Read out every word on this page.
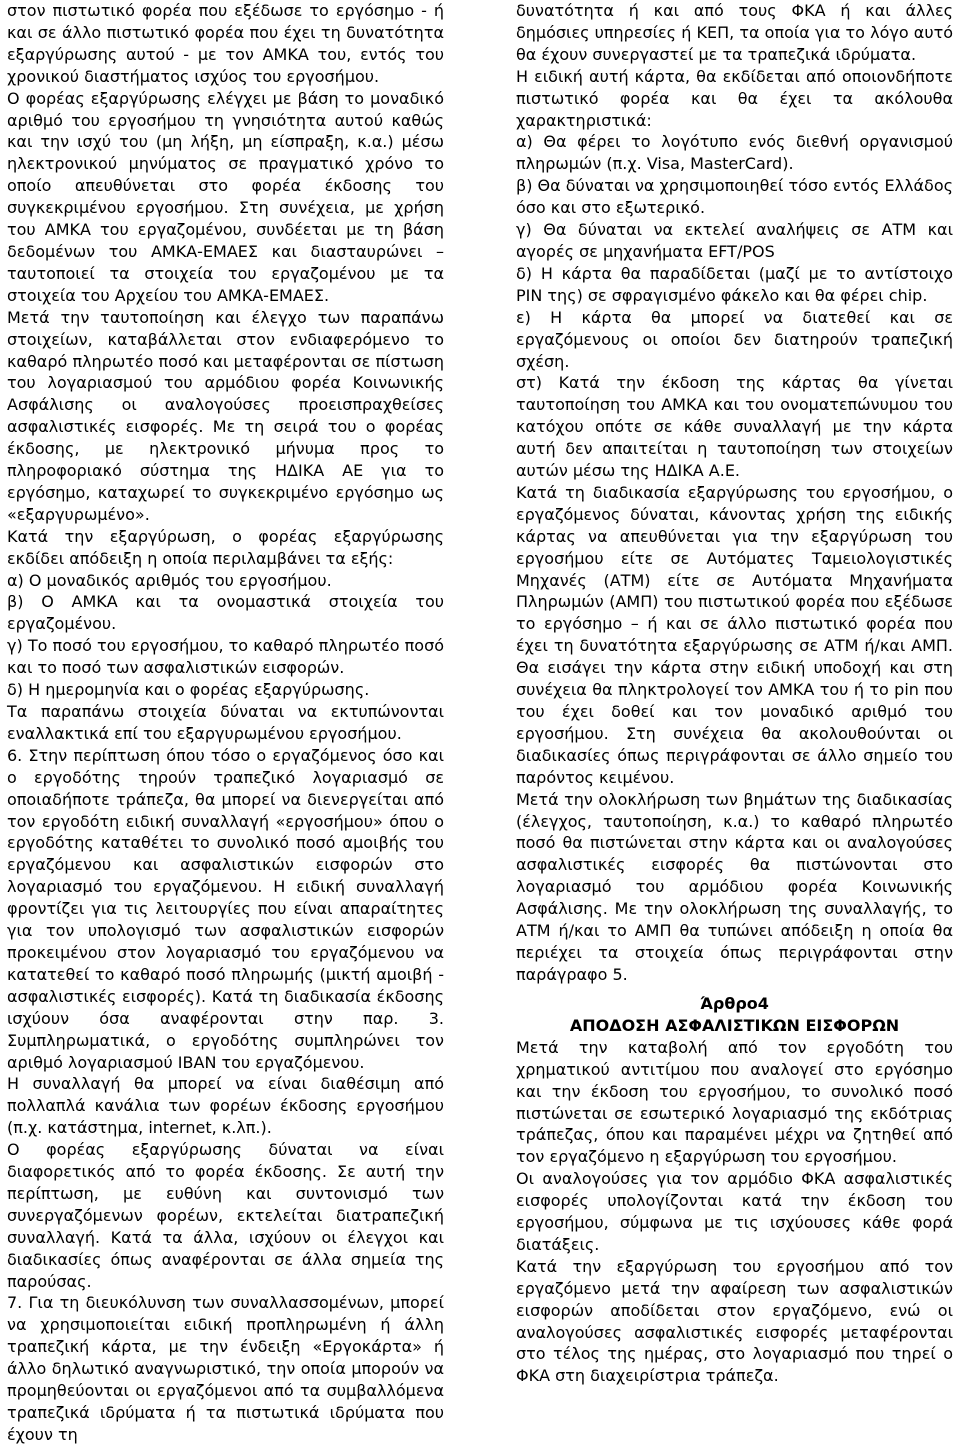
στον πιστωτικό φορέα που εξέδωσε το εργόσημο - ή και σε άλλο πιστωτικό φορέα που έχει τη δυνατότητα εξαργύρωσης αυτού - με τον ΑΜΚΑ του, εντός του χρονικού διαστήματος ισχύος του εργοσήμου.

Ο φορέας εξαργύρωσης ελέγχει με βάση το μοναδικό αριθμό του εργοσήμου τη γνησιότητα αυτού καθώς και την ισχύ του (μη λήξη, μη είσπραξη, κ.α.) μέσω ηλεκτρονικού μηνύματος σε πραγματικό χρόνο το οποίο απευθύνεται στο φορέα έκδοσης του συγκεκριμένου εργοσήμου. Στη συνέχεια, με χρήση του ΑΜΚΑ του εργαζομένου, συνδέεται με τη βάση δεδομένων του ΑΜΚΑ-ΕΜΑΕΣ και διασταυρώνει – ταυτοποιεί τα στοιχεία του εργαζομένου με τα στοιχεία του Αρχείου του ΑΜΚΑ-ΕΜΑΕΣ.

Μετά την ταυτοποίηση και έλεγχο των παραπάνω στοιχείων, καταβάλλεται στον ενδιαφερόμενο το καθαρό πληρωτέο ποσό και μεταφέρονται σε πίστωση του λογαριασμού του αρμόδιου φορέα Κοινωνικής Ασφάλισης οι αναλογούσες προεισπραχθείσες ασφαλιστικές εισφορές. Με τη σειρά του ο φορέας έκδοσης, με ηλεκτρονικό μήνυμα προς το πληροφοριακό σύστημα της ΗΔΙΚΑ ΑΕ για το εργόσημο, καταχωρεί το συγκεκριμένο εργόσημο ως «εξαργυρωμένο».

Κατά την εξαργύρωση, ο φορέας εξαργύρωσης εκδίδει απόδειξη η οποία περιλαμβάνει τα εξής:

α) Ο μοναδικός αριθμός του εργοσήμου.

β) Ο ΑΜΚΑ και τα ονομαστικά στοιχεία του εργαζομένου.

γ) Το ποσό του εργοσήμου, το καθαρό πληρωτέο ποσό και το ποσό των ασφαλιστικών εισφορών.

δ) Η ημερομηνία και ο φορέας εξαργύρωσης.

Τα παραπάνω στοιχεία δύναται να εκτυπώνονται εναλλακτικά επί του εξαργυρωμένου εργοσήμου.

6. Στην περίπτωση όπου τόσο ο εργαζόμενος όσο και ο εργοδότης τηρούν τραπεζικό λογαριασμό σε οποιαδήποτε τράπεζα, θα μπορεί να διενεργείται από τον εργοδότη ειδική συναλλαγή «εργοσήμου» όπου ο εργοδότης καταθέτει το συνολικό ποσό αμοιβής του εργαζόμενου και ασφαλιστικών εισφορών στο λογαριασμό του εργαζόμενου. Η ειδική συναλλαγή φροντίζει για τις λειτουργίες που είναι απαραίτητες για τον υπολογισμό των ασφαλιστικών εισφορών προκειμένου στον λογαριασμό του εργαζόμενου να κατατεθεί το καθαρό ποσό πληρωμής (μικτή αμοιβή - ασφαλιστικές εισφορές). Κατά τη διαδικασία έκδοσης ισχύουν όσα αναφέρονται στην παρ. 3. Συμπληρωματικά, ο εργοδότης συμπληρώνει τον αριθμό λογαριασμού IBAN του εργαζόμενου.

Η συναλλαγή θα μπορεί να είναι διαθέσιμη από πολλαπλά κανάλια των φορέων έκδοσης εργοσήμου (π.χ. κατάστημα, internet, κ.λπ.).

Ο φορέας εξαργύρωσης δύναται να είναι διαφορετικός από το φορέα έκδοσης. Σε αυτή την περίπτωση, με ευθύνη και συντονισμό των συνεργαζόμενων φορέων, εκτελείται διατραπεζική συναλλαγή. Κατά τα άλλα, ισχύουν οι έλεγχοι και διαδικασίες όπως αναφέρονται σε άλλα σημεία της παρούσας.

7. Για τη διευκόλυνση των συναλλασσομένων, μπορεί να χρησιμοποιείται ειδική προπληρωμένη ή άλλη τραπεζική κάρτα, με την ένδειξη «Εργοκάρτα» ή άλλο δηλωτικό αναγνωριστικό, την οποία μπορούν να προμηθεύονται οι εργαζόμενοι από τα συμβαλλόμενα τραπεζικά ιδρύματα ή τα πιστωτικά ιδρύματα που έχουν τη

δυνατότητα ή και από τους ΦΚΑ ή και άλλες δημόσιες υπηρεσίες ή ΚΕΠ, τα οποία για το λόγο αυτό θα έχουν συνεργαστεί με τα τραπεζικά ιδρύματα.

Η ειδική αυτή κάρτα, θα εκδίδεται από οποιονδήποτε πιστωτικό φορέα και θα έχει τα ακόλουθα χαρακτηριστικά:

α) Θα φέρει το λογότυπο ενός διεθνή οργανισμού πληρωμών (π.χ. Visa, MasterCard).

β) Θα δύναται να χρησιμοποιηθεί τόσο εντός Ελλάδος όσο και στο εξωτερικό.

γ) Θα δύναται να εκτελεί αναλήψεις σε ΑΤΜ και αγορές σε μηχανήματα EFT/POS

δ) Η κάρτα θα παραδίδεται (μαζί με το αντίστοιχο PIN της) σε σφραγισμένο φάκελο και θα φέρει chip.

ε) Η κάρτα θα μπορεί να διατεθεί και σε εργαζόμενους οι οποίοι δεν διατηρούν τραπεζική σχέση.

στ) Κατά την έκδοση της κάρτας θα γίνεται ταυτοποίηση του ΑΜΚΑ και του ονοματεπώνυμου του κατόχου οπότε σε κάθε συναλλαγή με την κάρτα αυτή δεν απαιτείται η ταυτοποίηση των στοιχείων αυτών μέσω της ΗΔΙΚΑ Α.Ε.

Κατά τη διαδικασία εξαργύρωσης του εργοσήμου, ο εργαζόμενος δύναται, κάνοντας χρήση της ειδικής κάρτας να απευθύνεται για την εξαργύρωση του εργοσήμου είτε σε Αυτόματες Ταμειολογιστικές Μηχανές (ΑΤΜ) είτε σε Αυτόματα Μηχανήματα Πληρωμών (ΑΜΠ) του πιστωτικού φορέα που εξέδωσε το εργόσημο – ή και σε άλλο πιστωτικό φορέα που έχει τη δυνατότητα εξαργύρωσης σε ΑΤΜ ή/και ΑΜΠ. Θα εισάγει την κάρτα στην ειδική υποδοχή και στη συνέχεια θα πληκτρολογεί τον ΑΜΚΑ του ή το pin που του έχει δοθεί και τον μοναδικό αριθμό του εργοσήμου. Στη συνέχεια θα ακολουθούνται οι διαδικασίες όπως περιγράφονται σε άλλο σημείο του παρόντος κειμένου.

Μετά την ολοκλήρωση των βημάτων της διαδικασίας (έλεγχος, ταυτοποίηση, κ.α.) το καθαρό πληρωτέο ποσό θα πιστώνεται στην κάρτα και οι αναλογούσες ασφαλιστικές εισφορές θα πιστώνονται στο λογαριασμό του αρμόδιου φορέα Κοινωνικής Ασφάλισης. Με την ολοκλήρωση της συναλλαγής, το ΑΤΜ ή/και το ΑΜΠ θα τυπώνει απόδειξη η οποία θα περιέχει τα στοιχεία όπως περιγράφονται στην παράγραφο 5.

Άρθρο4
ΑΠΟΔΟΣΗ ΑΣΦΑΛΙΣΤΙΚΩΝ ΕΙΣΦΟΡΩΝ

Μετά την καταβολή από τον εργοδότη του χρηματικού αντιτίμου που αναλογεί στο εργόσημο και την έκδοση του εργοσήμου, το συνολικό ποσό πιστώνεται σε εσωτερικό λογαριασμό της εκδότριας τράπεζας, όπου και παραμένει μέχρι να ζητηθεί από τον εργαζόμενο η εξαργύρωση του εργοσήμου.

Οι αναλογούσες για τον αρμόδιο ΦΚΑ ασφαλιστικές εισφορές υπολογίζονται κατά την έκδοση του εργοσήμου, σύμφωνα με τις ισχύουσες κάθε φορά διατάξεις.

Κατά την εξαργύρωση του εργοσήμου από τον εργαζόμενο μετά την αφαίρεση των ασφαλιστικών εισφορών αποδίδεται στον εργαζόμενο, ενώ οι αναλογούσες ασφαλιστικές εισφορές μεταφέρονται στο τέλος της ημέρας, στο λογαριασμό που τηρεί ο ΦΚΑ στη διαχειρίστρια τράπεζα.
